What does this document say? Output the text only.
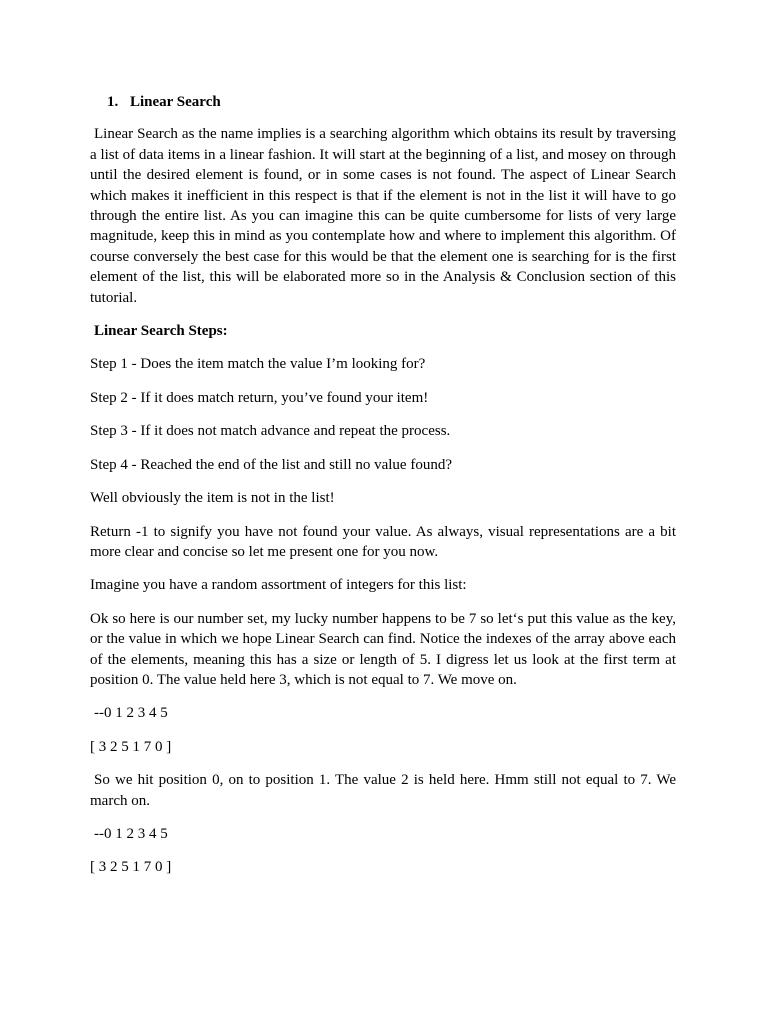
1. Linear Search

Linear Search as the name implies is a searching algorithm which obtains its result by traversing a list of data items in a linear fashion. It will start at the beginning of a list, and mosey on through until the desired element is found, or in some cases is not found. The aspect of Linear Search which makes it inefficient in this respect is that if the element is not in the list it will have to go through the entire list. As you can imagine this can be quite cumbersome for lists of very large magnitude, keep this in mind as you contemplate how and where to implement this algorithm. Of course conversely the best case for this would be that the element one is searching for is the first element of the list, this will be elaborated more so in the Analysis & Conclusion section of this tutorial.

Linear Search Steps:
Step 1 - Does the item match the value I’m looking for?
Step 2 - If it does match return, you’ve found your item!
Step 3 - If it does not match advance and repeat the process.
Step 4 - Reached the end of the list and still no value found?
Well obviously the item is not in the list!

Return -1 to signify you have not found your value. As always, visual representations are a bit more clear and concise so let me present one for you now.

Imagine you have a random assortment of integers for this list:

Ok so here is our number set, my lucky number happens to be 7 so let‘s put this value as the key, or the value in which we hope Linear Search can find. Notice the indexes of the array above each of the elements, meaning this has a size or length of 5. I digress let us look at the first term at position 0. The value held here 3, which is not equal to 7. We move on.

--0 1 2 3 4 5
[ 3 2 5 1 7 0 ]

So we hit position 0, on to position 1. The value 2 is held here. Hmm still not equal to 7. We march on.

--0 1 2 3 4 5
[ 3 2 5 1 7 0 ]
